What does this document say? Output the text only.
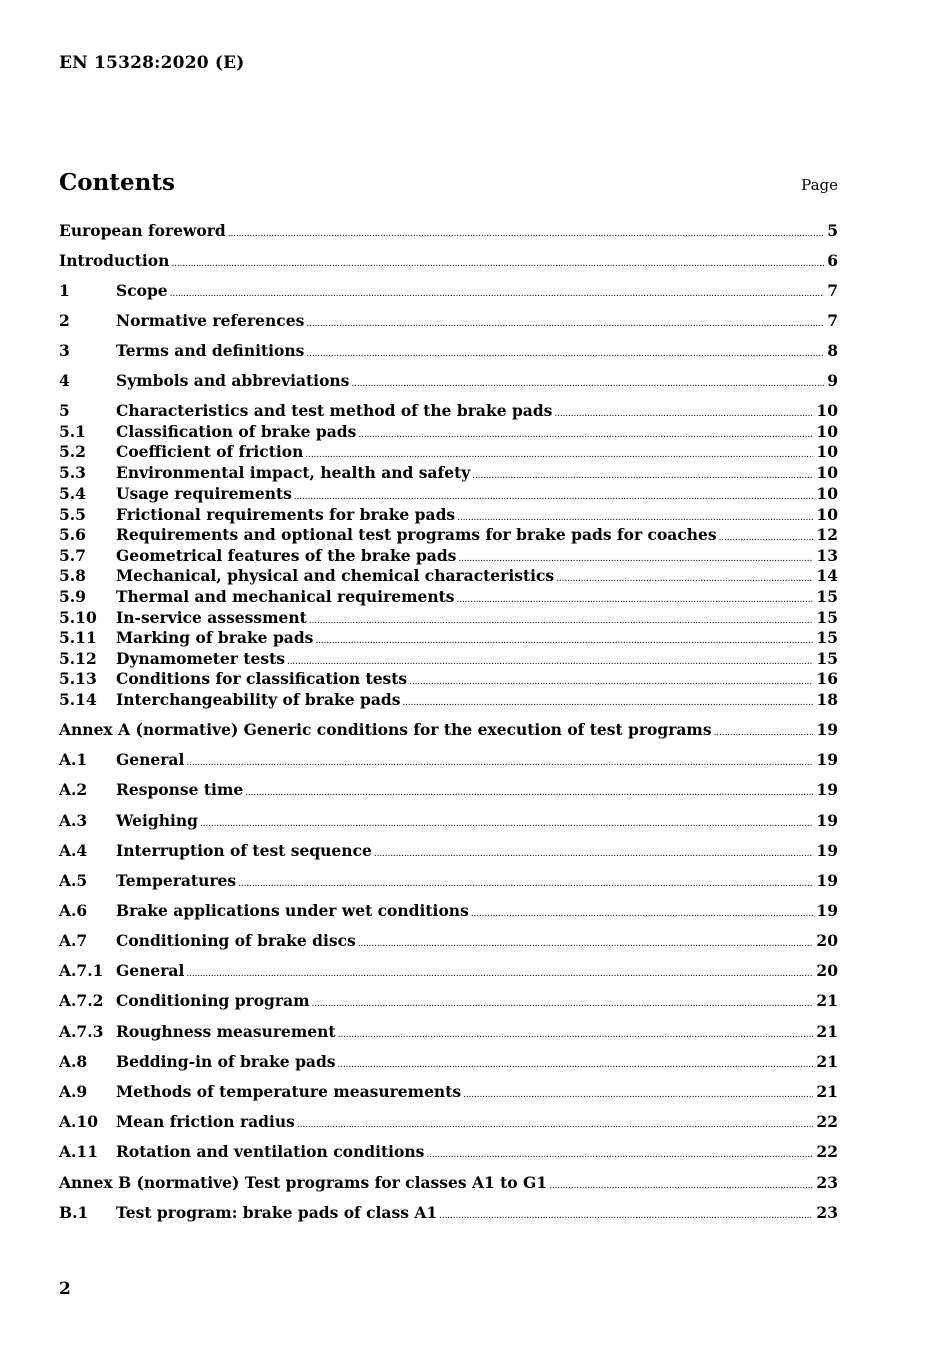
EN 15328:2020 (E)
Contents	Page
European foreword . . .	5
Introduction . . .	6
1	Scope . . .	7
2	Normative references . . .	7
3	Terms and definitions . . .	8
4	Symbols and abbreviations . . .	9
5	Characteristics and test method of the brake pads . . .	10
5.1	Classification of brake pads . . .	10
5.2	Coefficient of friction . . .	10
5.3	Environmental impact, health and safety . . .	10
5.4	Usage requirements . . .	10
5.5	Frictional requirements for brake pads . . .	10
5.6	Requirements and optional test programs for brake pads for coaches . . .	12
5.7	Geometrical features of the brake pads . . .	13
5.8	Mechanical, physical and chemical characteristics . . .	14
5.9	Thermal and mechanical requirements . . .	15
5.10	In-service assessment . . .	15
5.11	Marking of brake pads . . .	15
5.12	Dynamometer tests . . .	15
5.13	Conditions for classification tests . . .	16
5.14	Interchangeability of brake pads . . .	18
Annex A (normative) Generic conditions for the execution of test programs . . .	19
A.1	General . . .	19
A.2	Response time . . .	19
A.3	Weighing . . .	19
A.4	Interruption of test sequence . . .	19
A.5	Temperatures . . .	19
A.6	Brake applications under wet conditions . . .	19
A.7	Conditioning of brake discs . . .	20
A.7.1 General . . .	20
A.7.2 Conditioning program . . .	21
A.7.3 Roughness measurement . . .	21
A.8	Bedding-in of brake pads . . .	21
A.9	Methods of temperature measurements . . .	21
A.10	Mean friction radius . . .	22
A.11	Rotation and ventilation conditions . . .	22
Annex B (normative) Test programs for classes A1 to G1 . . .	23
B.1	Test program: brake pads of class A1 . . .	23
2
